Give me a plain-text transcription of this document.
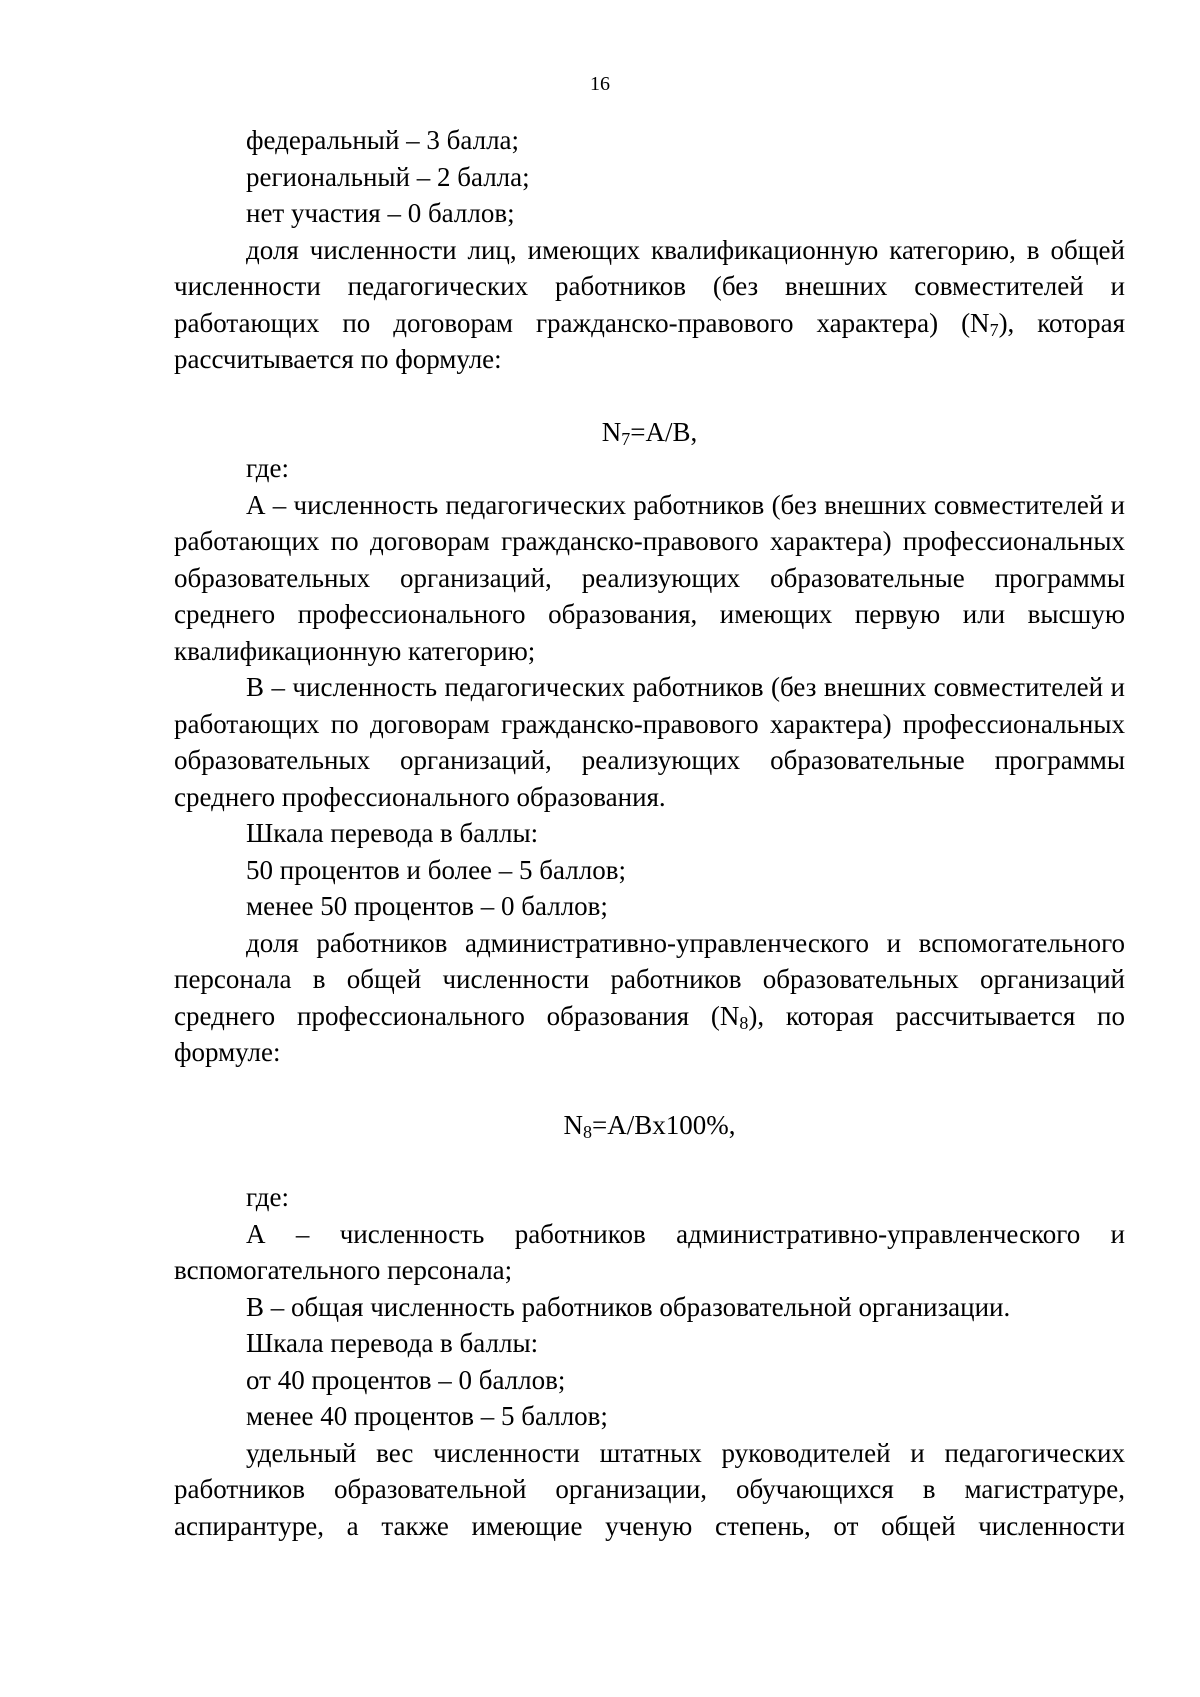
16

федеральный – 3 балла;

региональный – 2 балла;

нет участия – 0 баллов;

доля численности лиц, имеющих квалификационную категорию, в общей численности педагогических работников (без внешних совместителей и работающих по договорам гражданско-правового характера) $(N_7)$, которая рассчитывается по формуле:

$N_7=A/B$,

где:

А – численность педагогических работников (без внешних совместителей и работающих по договорам гражданско-правового характера) профессиональных образовательных организаций, реализующих образовательные программы среднего профессионального образования, имеющих первую или высшую квалификационную категорию;

В – численность педагогических работников (без внешних совместителей и работающих по договорам гражданско-правового характера) профессиональных образовательных организаций, реализующих образовательные программы среднего профессионального образования.

Шкала перевода в баллы:

50 процентов и более – 5 баллов;

менее 50 процентов – 0 баллов;

доля работников административно-управленческого и вспомогательного персонала в общей численности работников образовательных организаций среднего профессионального образования $(N_8)$, которая рассчитывается по формуле:

$N_8=A/Bх100\%$,

где:

А – численность работников административно-управленческого и вспомогательного персонала;

В – общая численность работников образовательной организации.

Шкала перевода в баллы:

от 40 процентов – 0 баллов;

менее 40 процентов – 5 баллов;

удельный вес численности штатных руководителей и педагогических работников образовательной организации, обучающихся в магистратуре, аспирантуре, а также имеющие ученую степень, от общей численности
